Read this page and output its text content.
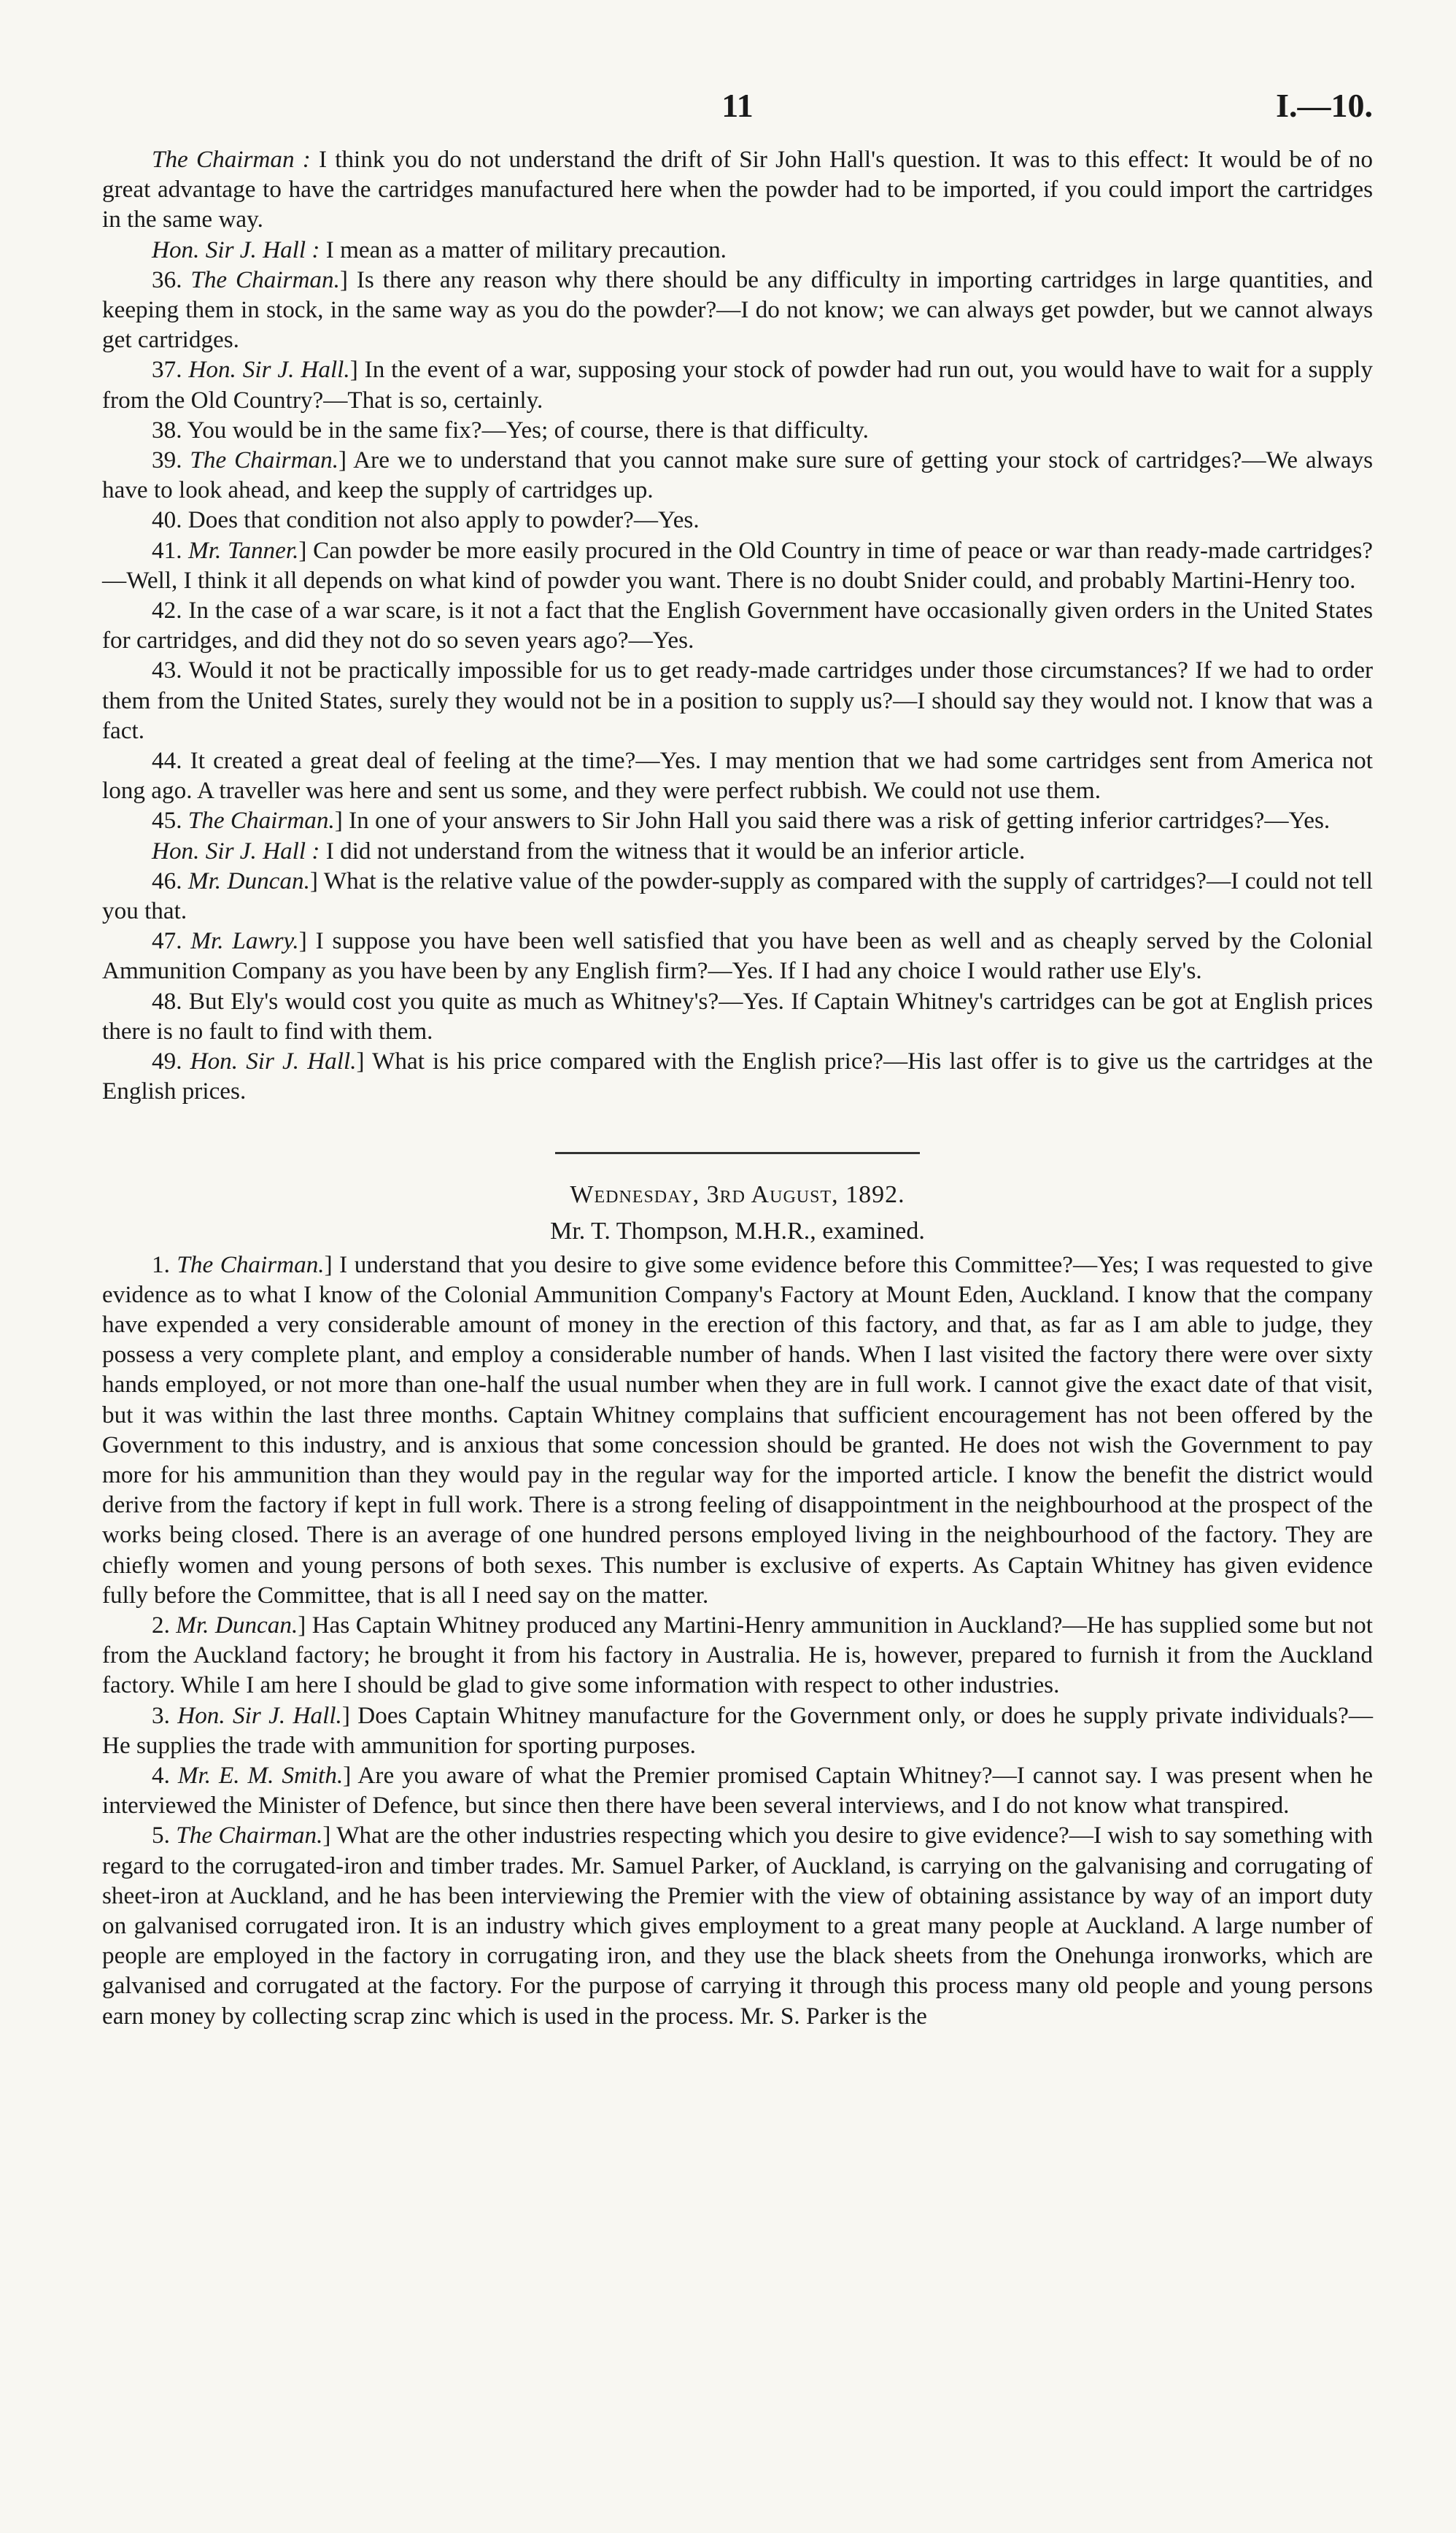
11	I.—10.

The Chairman : I think you do not understand the drift of Sir John Hall's question. It was to this effect: It would be of no great advantage to have the cartridges manufactured here when the powder had to be imported, if you could import the cartridges in the same way.

Hon. Sir J. Hall : I mean as a matter of military precaution.

36. The Chairman.] Is there any reason why there should be any difficulty in importing cartridges in large quantities, and keeping them in stock, in the same way as you do the powder?—I do not know; we can always get powder, but we cannot always get cartridges.

37. Hon. Sir J. Hall.] In the event of a war, supposing your stock of powder had run out, you would have to wait for a supply from the Old Country?—That is so, certainly.

38. You would be in the same fix?—Yes; of course, there is that difficulty.

39. The Chairman.] Are we to understand that you cannot make sure sure of getting your stock of cartridges?—We always have to look ahead, and keep the supply of cartridges up.

40. Does that condition not also apply to powder?—Yes.

41. Mr. Tanner.] Can powder be more easily procured in the Old Country in time of peace or war than ready-made cartridges?—Well, I think it all depends on what kind of powder you want. There is no doubt Snider could, and probably Martini-Henry too.

42. In the case of a war scare, is it not a fact that the English Government have occasionally given orders in the United States for cartridges, and did they not do so seven years ago?—Yes.

43. Would it not be practically impossible for us to get ready-made cartridges under those circumstances? If we had to order them from the United States, surely they would not be in a position to supply us?—I should say they would not. I know that was a fact.

44. It created a great deal of feeling at the time?—Yes. I may mention that we had some cartridges sent from America not long ago. A traveller was here and sent us some, and they were perfect rubbish. We could not use them.

45. The Chairman.] In one of your answers to Sir John Hall you said there was a risk of getting inferior cartridges?—Yes.

Hon. Sir J. Hall : I did not understand from the witness that it would be an inferior article.

46. Mr. Duncan.] What is the relative value of the powder-supply as compared with the supply of cartridges?—I could not tell you that.

47. Mr. Lawry.] I suppose you have been well satisfied that you have been as well and as cheaply served by the Colonial Ammunition Company as you have been by any English firm?—Yes. If I had any choice I would rather use Ely's.

48. But Ely's would cost you quite as much as Whitney's?—Yes. If Captain Whitney's cartridges can be got at English prices there is no fault to find with them.

49. Hon. Sir J. Hall.] What is his price compared with the English price?—His last offer is to give us the cartridges at the English prices.

Wednesday, 3rd August, 1892.
Mr. T. Thompson, M.H.R., examined.

1. The Chairman.] I understand that you desire to give some evidence before this Committee?—Yes; I was requested to give evidence as to what I know of the Colonial Ammunition Company's Factory at Mount Eden, Auckland. I know that the company have expended a very considerable amount of money in the erection of this factory, and that, as far as I am able to judge, they possess a very complete plant, and employ a considerable number of hands. When I last visited the factory there were over sixty hands employed, or not more than one-half the usual number when they are in full work. I cannot give the exact date of that visit, but it was within the last three months. Captain Whitney complains that sufficient encouragement has not been offered by the Government to this industry, and is anxious that some concession should be granted. He does not wish the Government to pay more for his ammunition than they would pay in the regular way for the imported article. I know the benefit the district would derive from the factory if kept in full work. There is a strong feeling of disappointment in the neighbourhood at the prospect of the works being closed. There is an average of one hundred persons employed living in the neighbourhood of the factory. They are chiefly women and young persons of both sexes. This number is exclusive of experts. As Captain Whitney has given evidence fully before the Committee, that is all I need say on the matter.

2. Mr. Duncan.] Has Captain Whitney produced any Martini-Henry ammunition in Auckland?—He has supplied some but not from the Auckland factory; he brought it from his factory in Australia. He is, however, prepared to furnish it from the Auckland factory. While I am here I should be glad to give some information with respect to other industries.

3. Hon. Sir J. Hall.] Does Captain Whitney manufacture for the Government only, or does he supply private individuals?—He supplies the trade with ammunition for sporting purposes.

4. Mr. E. M. Smith.] Are you aware of what the Premier promised Captain Whitney?—I cannot say. I was present when he interviewed the Minister of Defence, but since then there have been several interviews, and I do not know what transpired.

5. The Chairman.] What are the other industries respecting which you desire to give evidence?—I wish to say something with regard to the corrugated-iron and timber trades. Mr. Samuel Parker, of Auckland, is carrying on the galvanising and corrugating of sheet-iron at Auckland, and he has been interviewing the Premier with the view of obtaining assistance by way of an import duty on galvanised corrugated iron. It is an industry which gives employment to a great many people at Auckland. A large number of people are employed in the factory in corrugating iron, and they use the black sheets from the Onehunga ironworks, which are galvanised and corrugated at the factory. For the purpose of carrying it through this process many old people and young persons earn money by collecting scrap zinc which is used in the process. Mr. S. Parker is the
